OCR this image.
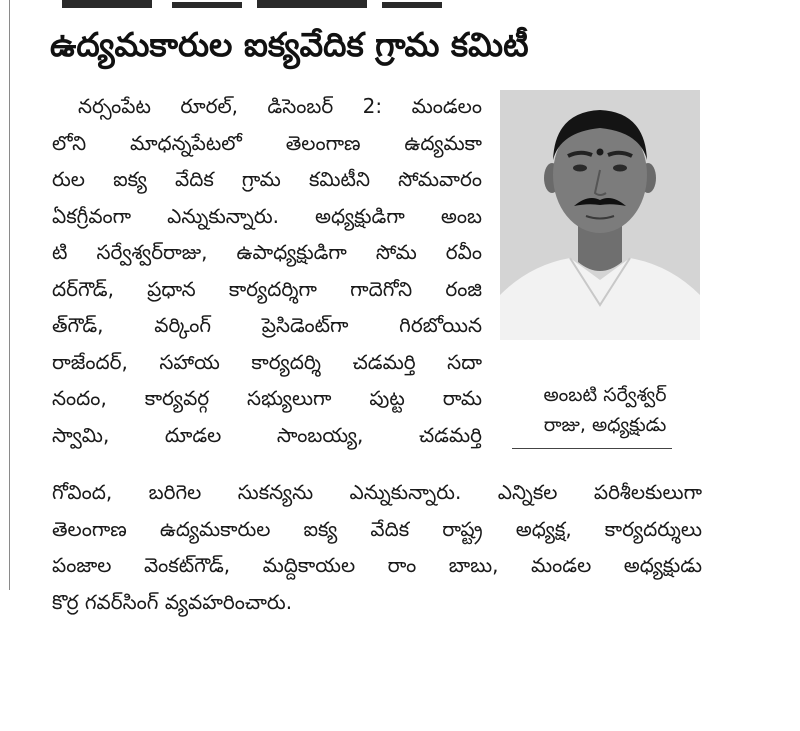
ఉద్యమకారుల ఐక్యవేదిక గ్రామ కమిటీ

నర్సంపేట రూరల్, డిసెంబర్ 2: మండలం

లోని మాధన్నపేటలో తెలంగాణ ఉద్యమకా

రుల ఐక్య వేదిక గ్రామ కమిటీని సోమవారం

ఏకగ్రీవంగా ఎన్నుకున్నారు. అధ్యక్షుడిగా అంబ

టి సర్వేశ్వర్‌రాజు, ఉపాధ్యక్షుడిగా సోమ రవీం

దర్‌గౌడ్, ప్రధాన కార్యదర్శిగా గాదెగోని రంజి

త్‌గౌడ్, వర్కింగ్ ప్రెసిడెంట్‌గా గిరబోయిన

రాజేందర్, సహాయ కార్యదర్శి చడమర్తి సదా

నందం, కార్యవర్గ సభ్యులుగా పుట్ట రామ

స్వామి, దూడల సాంబయ్య, చడమర్తి

గోవింద, బరిగెల సుకన్యను ఎన్నుకున్నారు. ఎన్నికల పరిశీలకులుగా

తెలంగాణ ఉద్యమకారుల ఐక్య వేదిక రాష్ట్ర అధ్యక్ష, కార్యదర్శులు

పంజాల వెంకట్‌గౌడ్, మద్దికాయల రాం బాబు, మండల అధ్యక్షుడు

కొర్ర గవర్‌సింగ్ వ్యవహరించారు.

అంబటి సర్వేశ్వర్
రాజు, అధ్యక్షుడు
